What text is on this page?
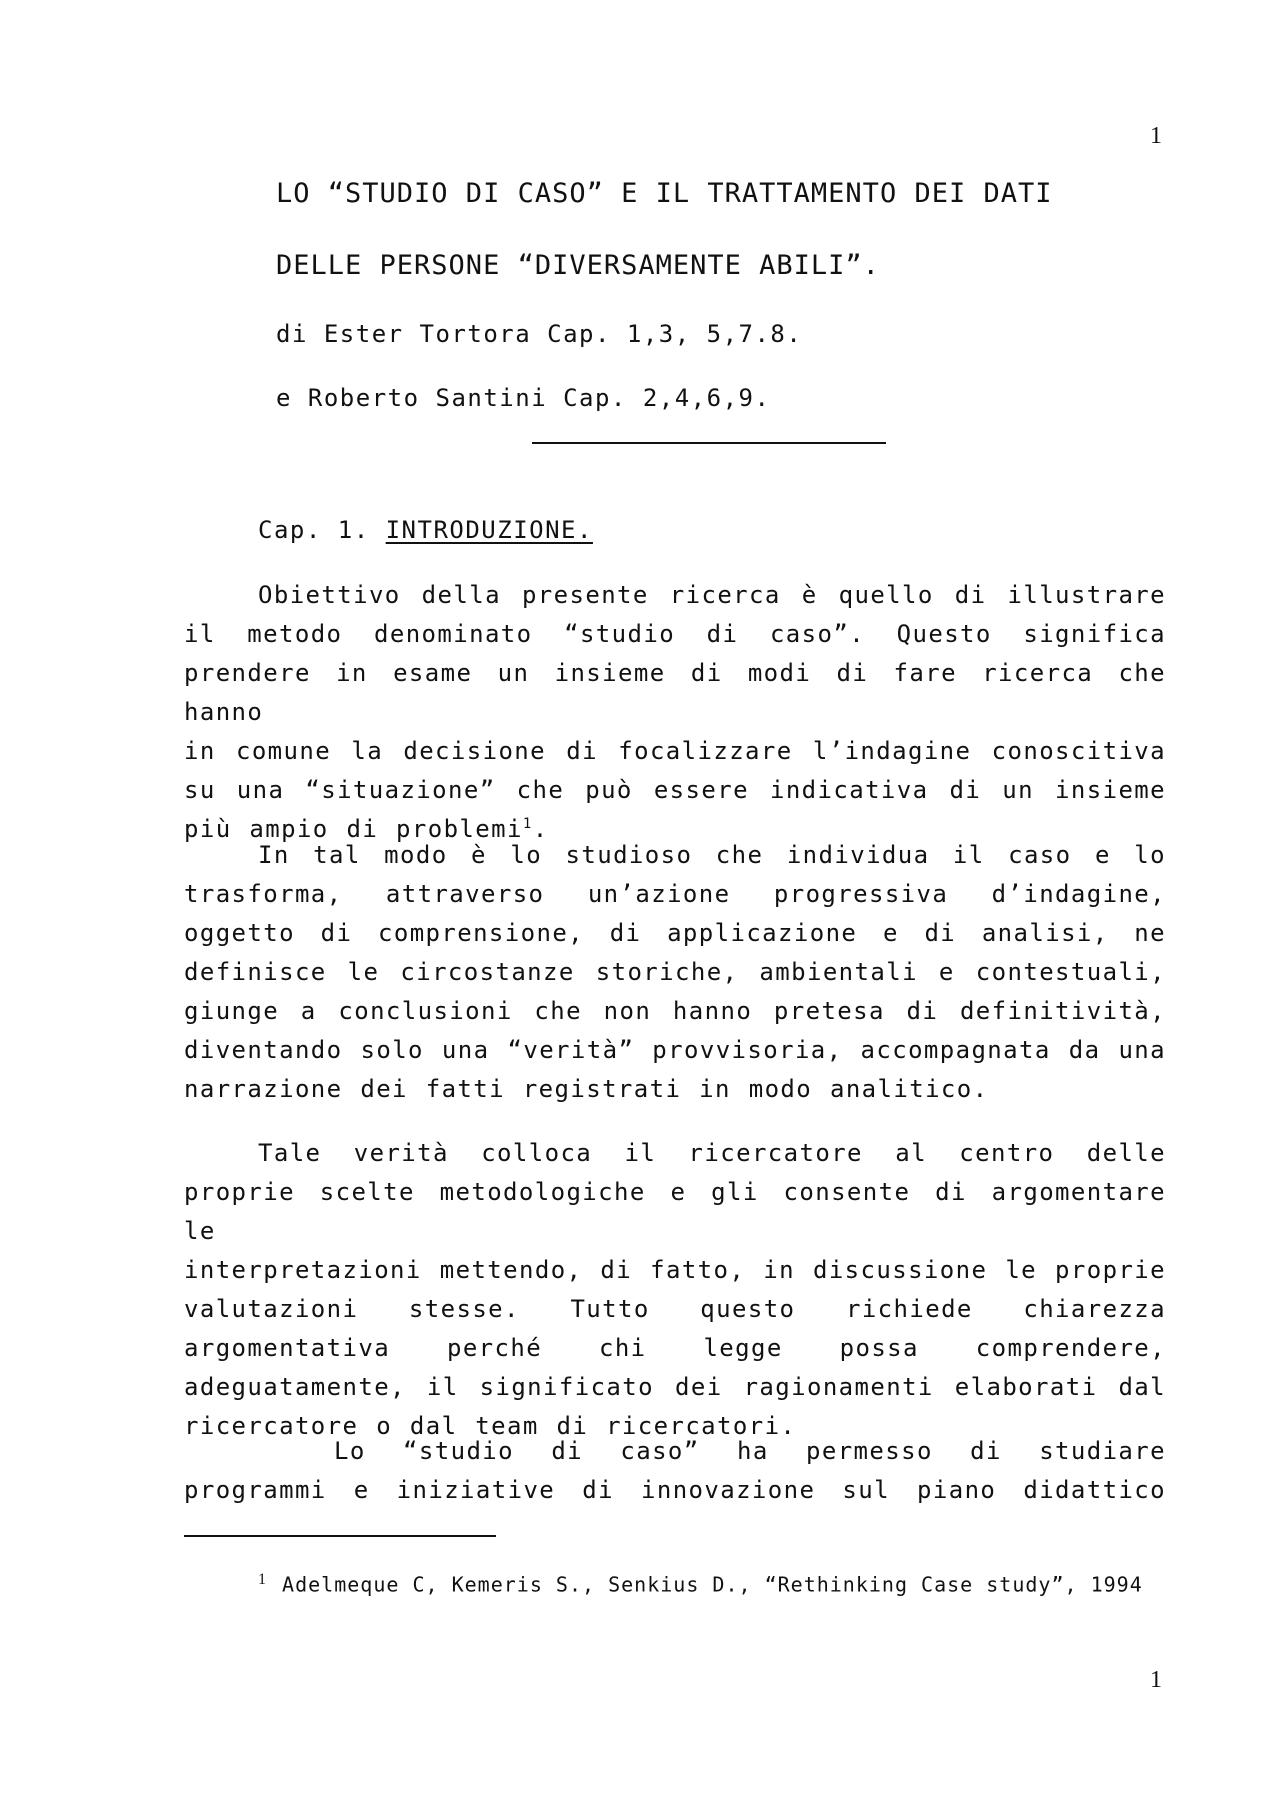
1
LO “STUDIO DI CASO” E IL TRATTAMENTO DEI DATI
DELLE PERSONE “DIVERSAMENTE ABILI”.
di Ester Tortora Cap. 1,3, 5,7.8.
e Roberto Santini Cap. 2,4,6,9.
Cap. 1. INTRODUZIONE.
Obiettivo della presente ricerca è quello di illustrare
il metodo denominato “studio di caso”. Questo significa
prendere in esame un insieme di modi di fare ricerca che hanno
in comune la decisione di focalizzare l’indagine conoscitiva
su una “situazione” che può essere indicativa di un insieme
più ampio di problemi$^1$.
In tal modo è lo studioso che individua il caso e lo
trasforma, attraverso un’azione progressiva d’indagine,
oggetto di comprensione, di applicazione e di analisi, ne
definisce le circostanze storiche, ambientali e contestuali,
giunge a conclusioni che non hanno pretesa di definitività,
diventando solo una “verità” provvisoria, accompagnata da una
narrazione dei fatti registrati in modo analitico.
Tale verità colloca il ricercatore al centro delle
proprie scelte metodologiche e gli consente di argomentare le
interpretazioni mettendo, di fatto, in discussione le proprie
valutazioni stesse. Tutto questo richiede chiarezza
argomentativa perché chi legge possa comprendere,
adeguatamente, il significato dei ragionamenti elaborati dal
ricercatore o dal team di ricercatori.
Lo “studio di caso” ha permesso di studiare
programmi e iniziative di innovazione sul piano didattico
$^1$ Adelmeque C, Kemeris S., Senkius D., “Rethinking Case study”, 1994
1
